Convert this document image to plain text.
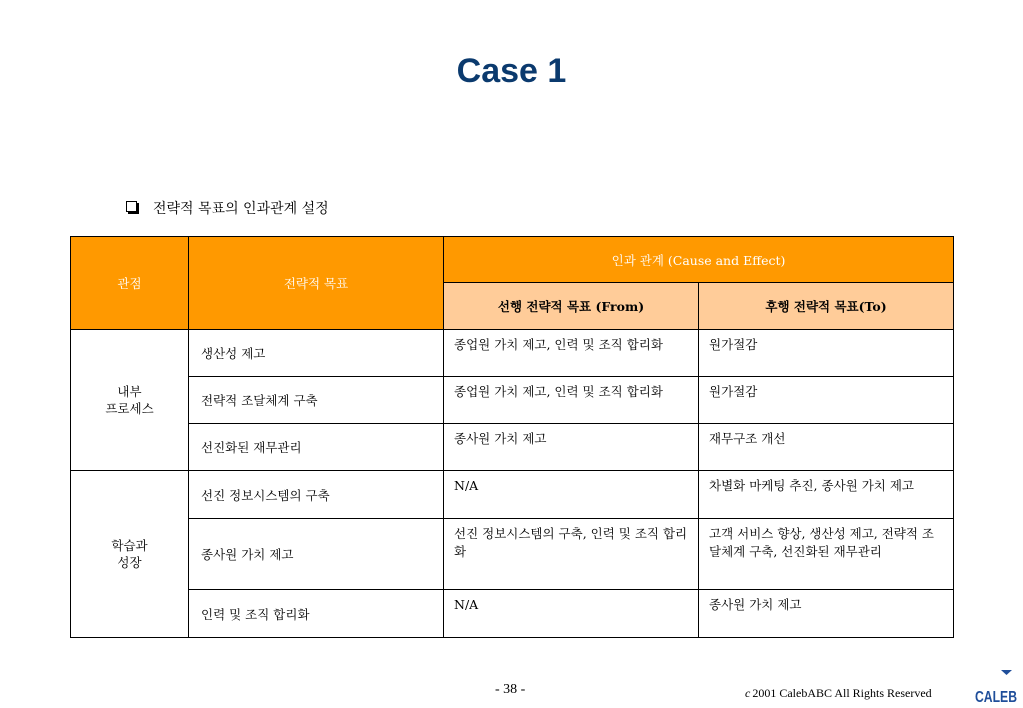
Case 1
전략적 목표의 인과관계 설정
관점	전략적 목표	인과 관계 (Cause and Effect)	
		선행 전략적 목표 (From)	후행 전략적 목표(To)
내부
프로세스	생산성 제고	종업원 가치 제고, 인력 및 조직 합리화	원가절감
	전략적 조달체계 구축	종업원 가치 제고, 인력 및 조직 합리화	원가절감
	선진화된 재무관리	종사원 가치 제고	재무구조 개선
학습과
성장	선진 정보시스템의 구축	N/A	차별화 마케팅 추진, 종사원 가치 제고
	종사원 가치 제고	선진 정보시스템의 구축, 인력 및 조직 합리화	고객 서비스 향상, 생산성 제고, 전략적 조달체계 구축, 선진화된 재무관리
	인력 및 조직 합리화	N/A	종사원 가치 제고
- 38 -	c 2001 CalebABC All Rights Reserved	CALEB
